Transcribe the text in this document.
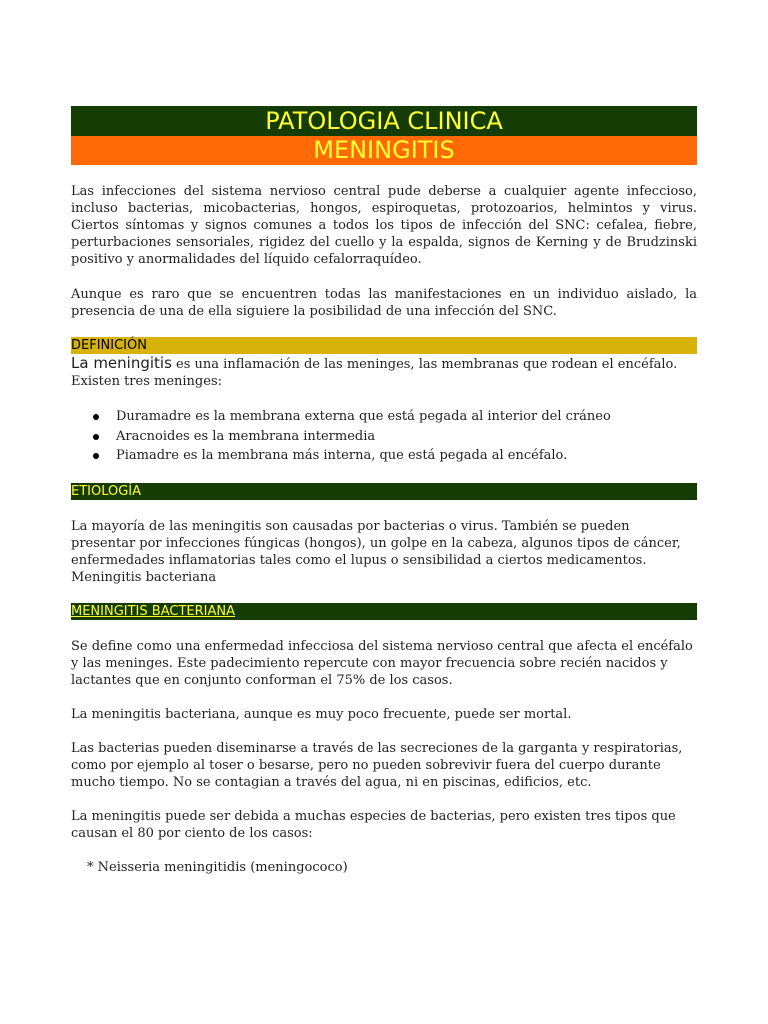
PATOLOGIA CLINICA
MENINGITIS

Las infecciones del sistema nervioso central pude deberse a cualquier agente infeccioso, incluso bacterias, micobacterias, hongos, espiroquetas, protozoarios, helmintos y virus. Ciertos síntomas y signos comunes a todos los tipos de infección del SNC: cefalea, fiebre, perturbaciones sensoriales, rigidez del cuello y la espalda, signos de Kerning y de Brudzinski positivo y anormalidades del líquido cefalorraquídeo.

Aunque es raro que se encuentren todas las manifestaciones en un individuo aislado, la presencia de una de ella siguiere la posibilidad de una infección del SNC.

DEFINICIÓN

La meningitis es una inflamación de las meninges, las membranas que rodean el encéfalo. Existen tres meninges:

Duramadre es la membrana externa que está pegada al interior del cráneo
Aracnoides es la membrana intermedia
Piamadre es la membrana más interna, que está pegada al encéfalo.
ETIOLOGÍA

La mayoría de las meningitis son causadas por bacterias o virus. También se pueden presentar por infecciones fúngicas (hongos), un golpe en la cabeza, algunos tipos de cáncer, enfermedades inflamatorias tales como el lupus o sensibilidad a ciertos medicamentos.

Meningitis bacteriana

MENINGITIS BACTERIANA

Se define como una enfermedad infecciosa del sistema nervioso central que afecta el encéfalo y las meninges. Este padecimiento repercute con mayor frecuencia sobre recién nacidos y lactantes que en conjunto conforman el 75% de los casos.

La meningitis bacteriana, aunque es muy poco frecuente, puede ser mortal.

Las bacterias pueden diseminarse a través de las secreciones de la garganta y respiratorias, como por ejemplo al toser o besarse, pero no pueden sobrevivir fuera del cuerpo durante mucho tiempo. No se contagian a través del agua, ni en piscinas, edificios, etc.

La meningitis puede ser debida a muchas especies de bacterias, pero existen tres tipos que causan el 80 por ciento de los casos:

* Neisseria meningitidis (meningococo)
